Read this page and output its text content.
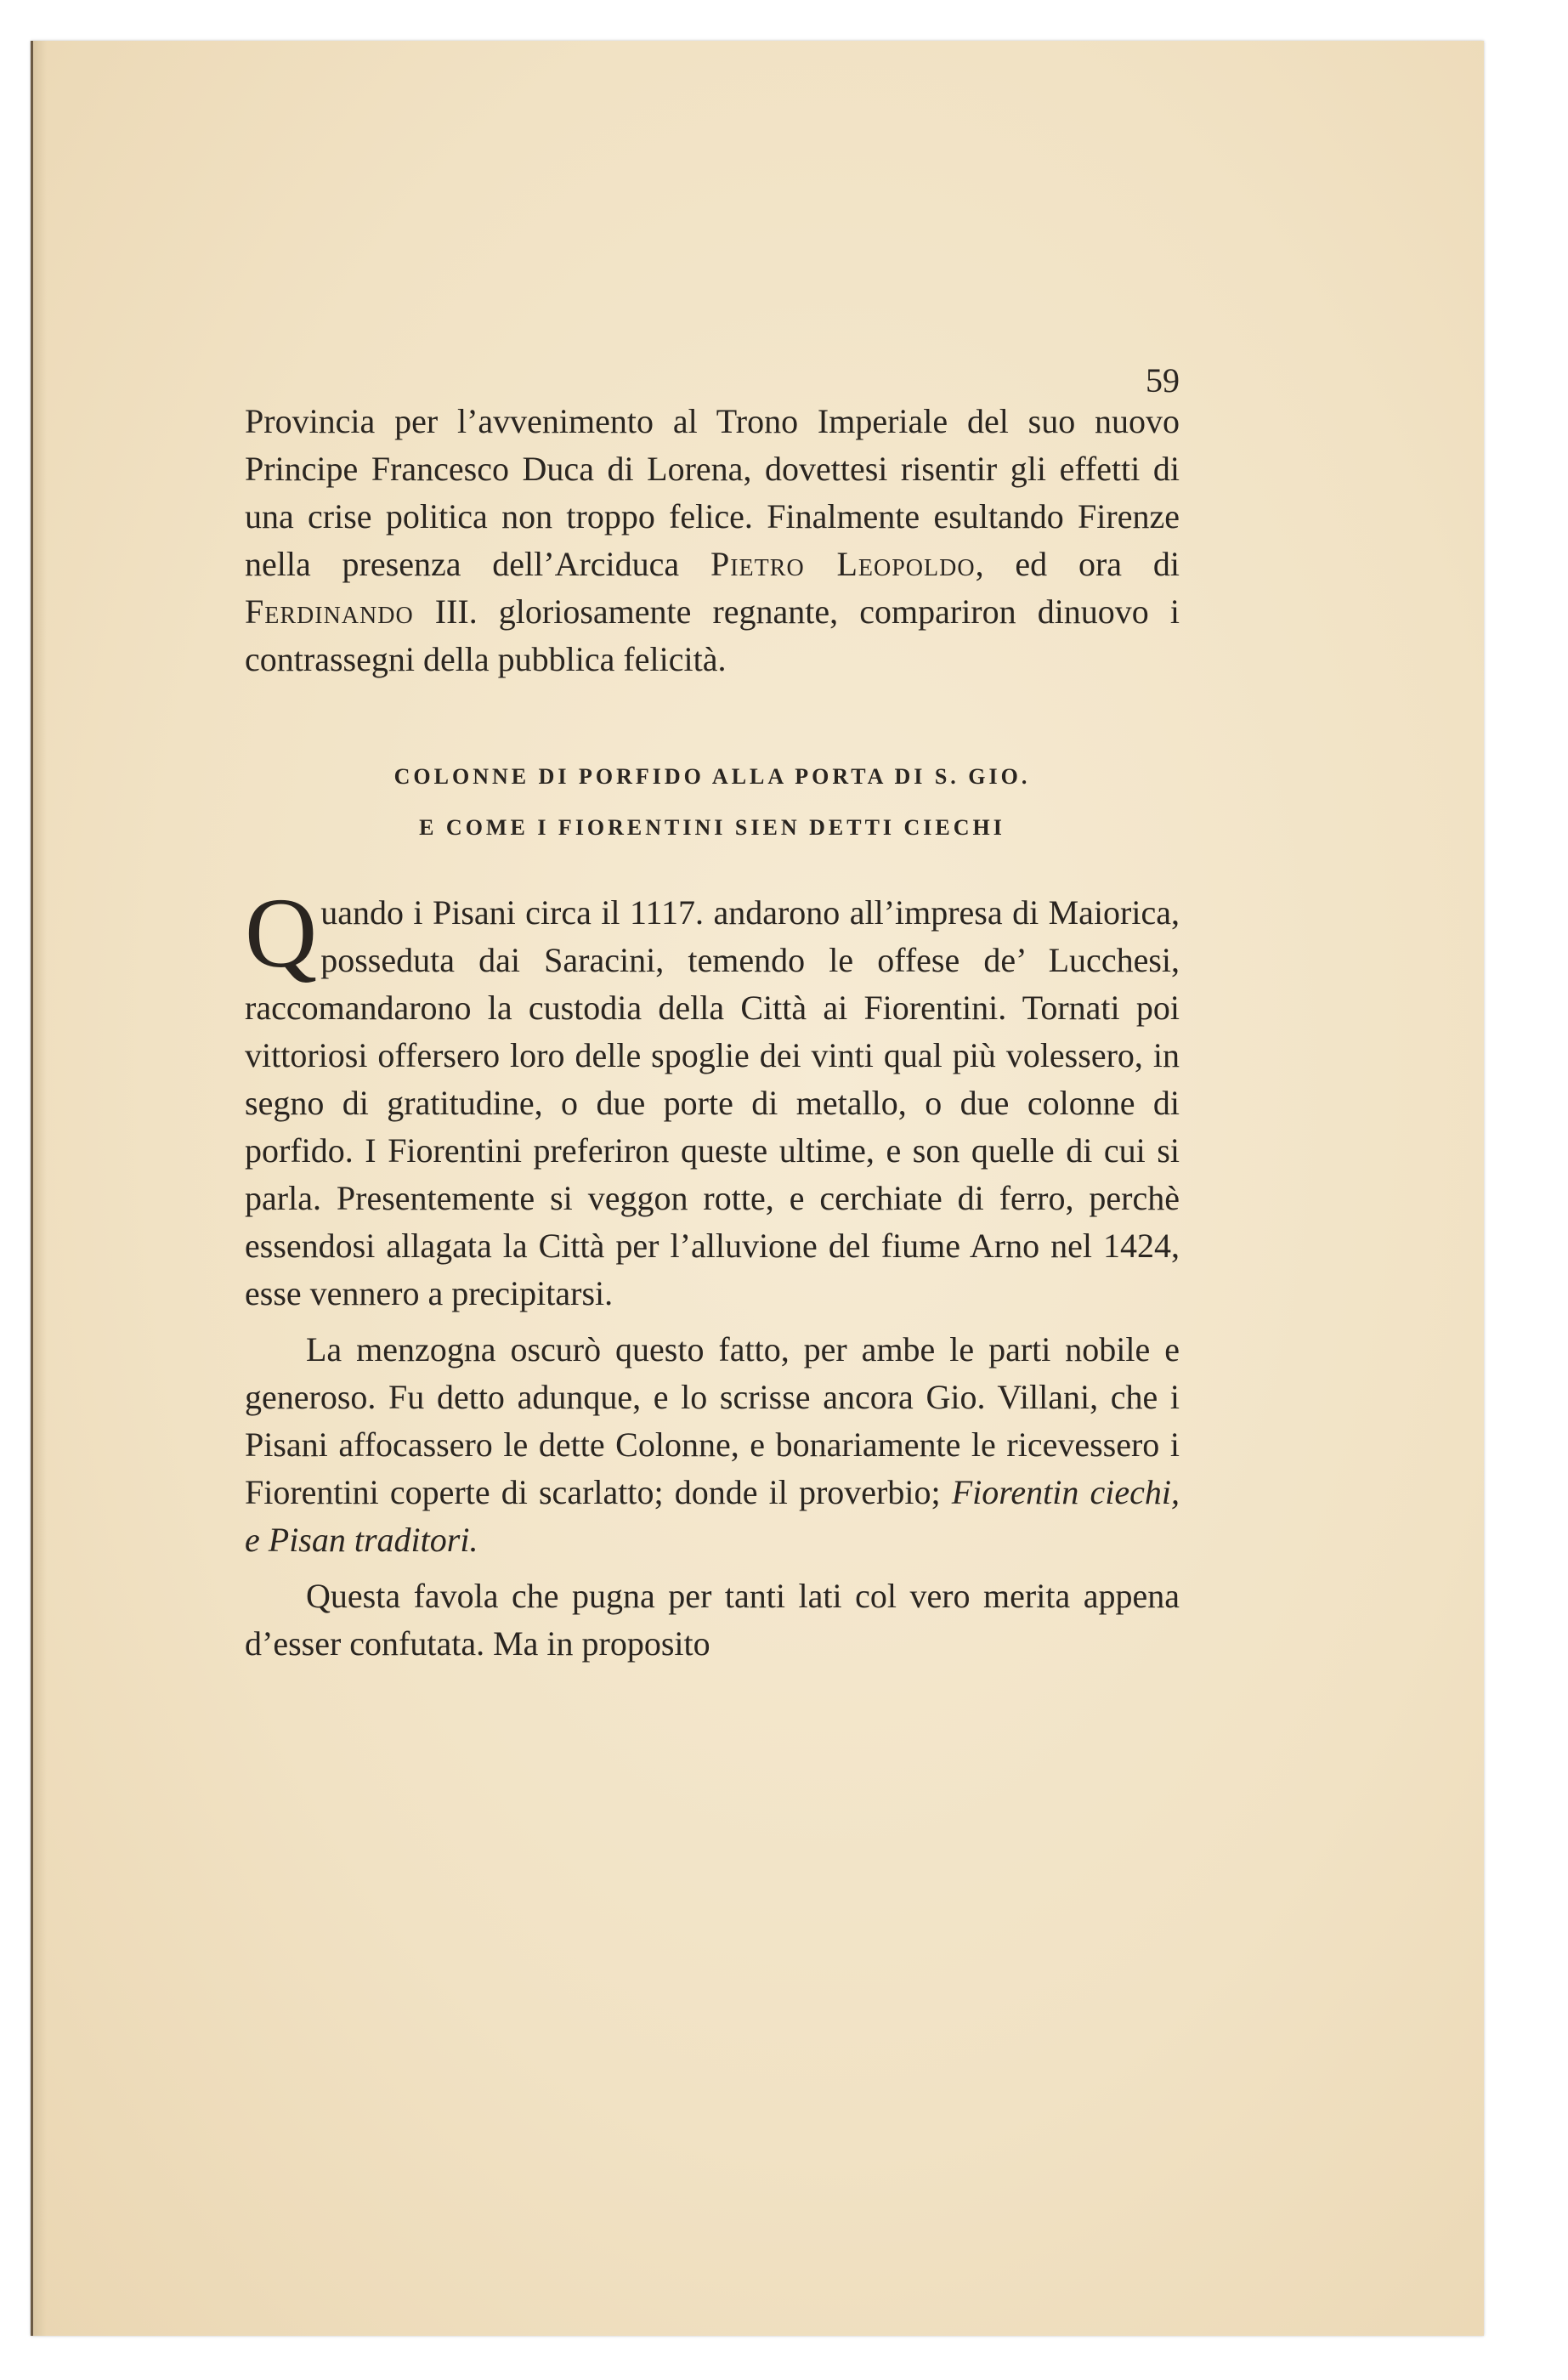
59

Provincia per l’avvenimento al Trono Imperiale del suo nuovo Principe Francesco Duca di Lorena, dovettesi risentir gli effetti di una crise politica non troppo felice. Finalmente esultando Firenze nella presenza dell’Arciduca Pietro Leopoldo, ed ora di Ferdinando III. gloriosamente regnante, compariron dinuovo i contrassegni della pubblica felicità.

COLONNE DI PORFIDO ALLA PORTA DI S. GIO.
E COME I FIORENTINI SIEN DETTI CIECHI

Quando i Pisani circa il 1117. andarono all’impresa di Maiorica, posseduta dai Saracini, temendo le offese de’ Lucchesi, raccomandarono la custodia della Città ai Fiorentini. Tornati poi vittoriosi offersero loro delle spoglie dei vinti qual più volessero, in segno di gratitudine, o due porte di metallo, o due colonne di porfido. I Fiorentini preferiron queste ultime, e son quelle di cui si parla. Presentemente si veggon rotte, e cerchiate di ferro, perchè essendosi allagata la Città per l’alluvione del fiume Arno nel 1424, esse vennero a precipitarsi.

La menzogna oscurò questo fatto, per ambe le parti nobile e generoso. Fu detto adunque, e lo scrisse ancora Gio. Villani, che i Pisani affocassero le dette Colonne, e bonariamente le ricevessero i Fiorentini coperte di scarlatto; donde il proverbio; Fiorentin ciechi, e Pisan traditori.

Questa favola che pugna per tanti lati col vero merita appena d’esser confutata. Ma in proposito
